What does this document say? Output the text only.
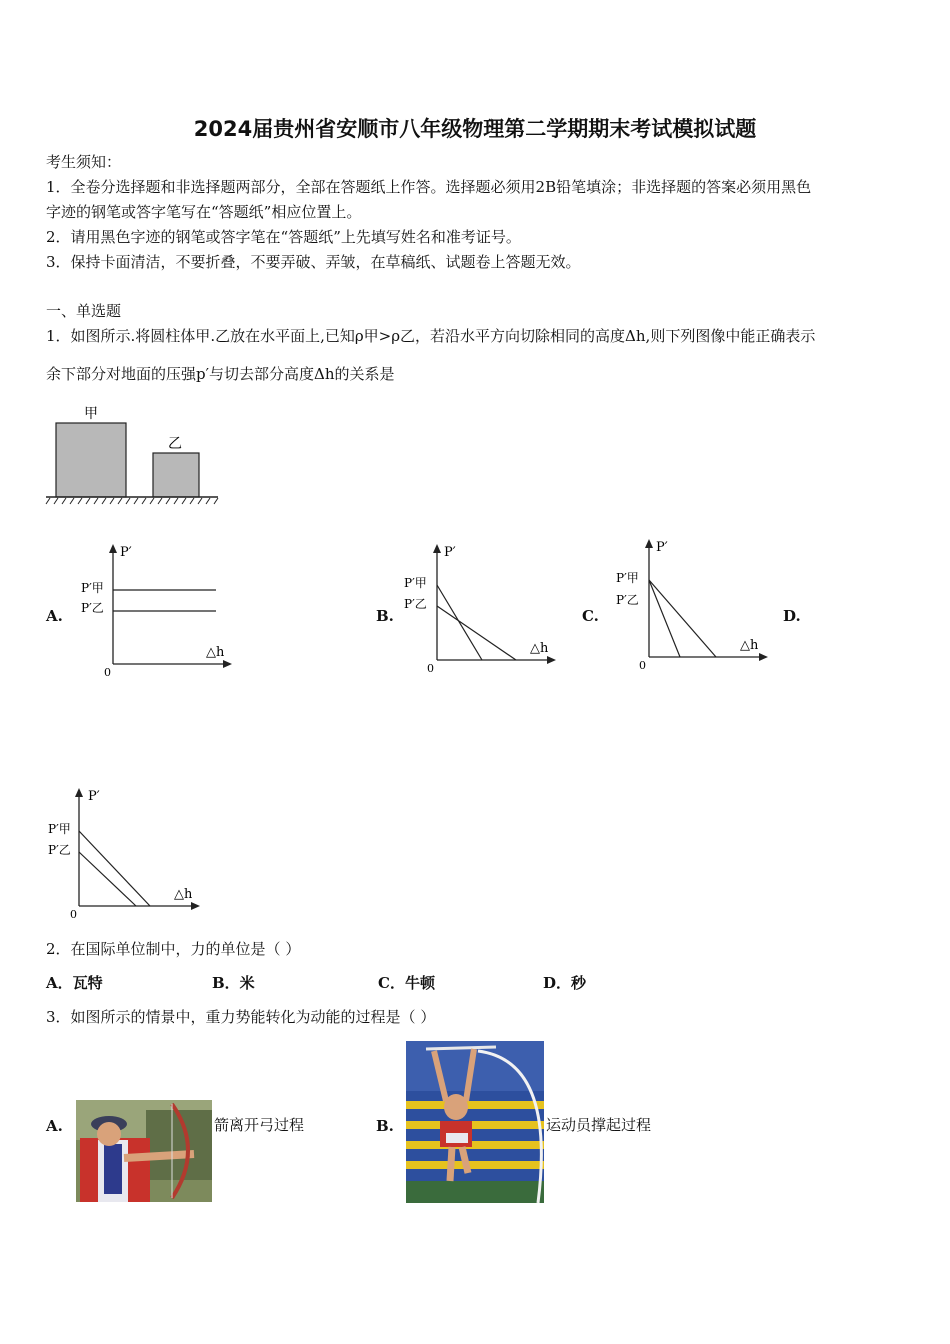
2024届贵州省安顺市八年级物理第二学期期末考试模拟试题
考生须知：
1．全卷分选择题和非选择题两部分，全部在答题纸上作答。选择题必须用2B铅笔填涂；非选择题的答案必须用黑色
字迹的钢笔或答字笔写在“答题纸”相应位置上。
2．请用黑色字迹的钢笔或答字笔在“答题纸”上先填写姓名和准考证号。
3．保持卡面清洁，不要折叠，不要弄破、弄皱，在草稿纸、试题卷上答题无效。
一、单选题
1．如图所示.将圆柱体甲.乙放在水平面上,已知ρ甲>ρ乙，若沿水平方向切除相同的高度Δh,则下列图像中能正确表示
余下部分对地面的压强p′与切去部分高度Δh的关系是
甲
乙
A.	B.	C.	D.
P′
△h
0
P′甲
P′乙
P′
△h
0
P′甲
P′乙
P′
△h
0
P′甲
P′乙
P′
△h
0
P′甲
P′乙
2．在国际单位制中，力的单位是（ ）
A．瓦特	B．米	C．牛顿	D．秒
3．如图所示的情景中，重力势能转化为动能的过程是（ ）
A.	箭离开弓过程	B.	运动员撑起过程
